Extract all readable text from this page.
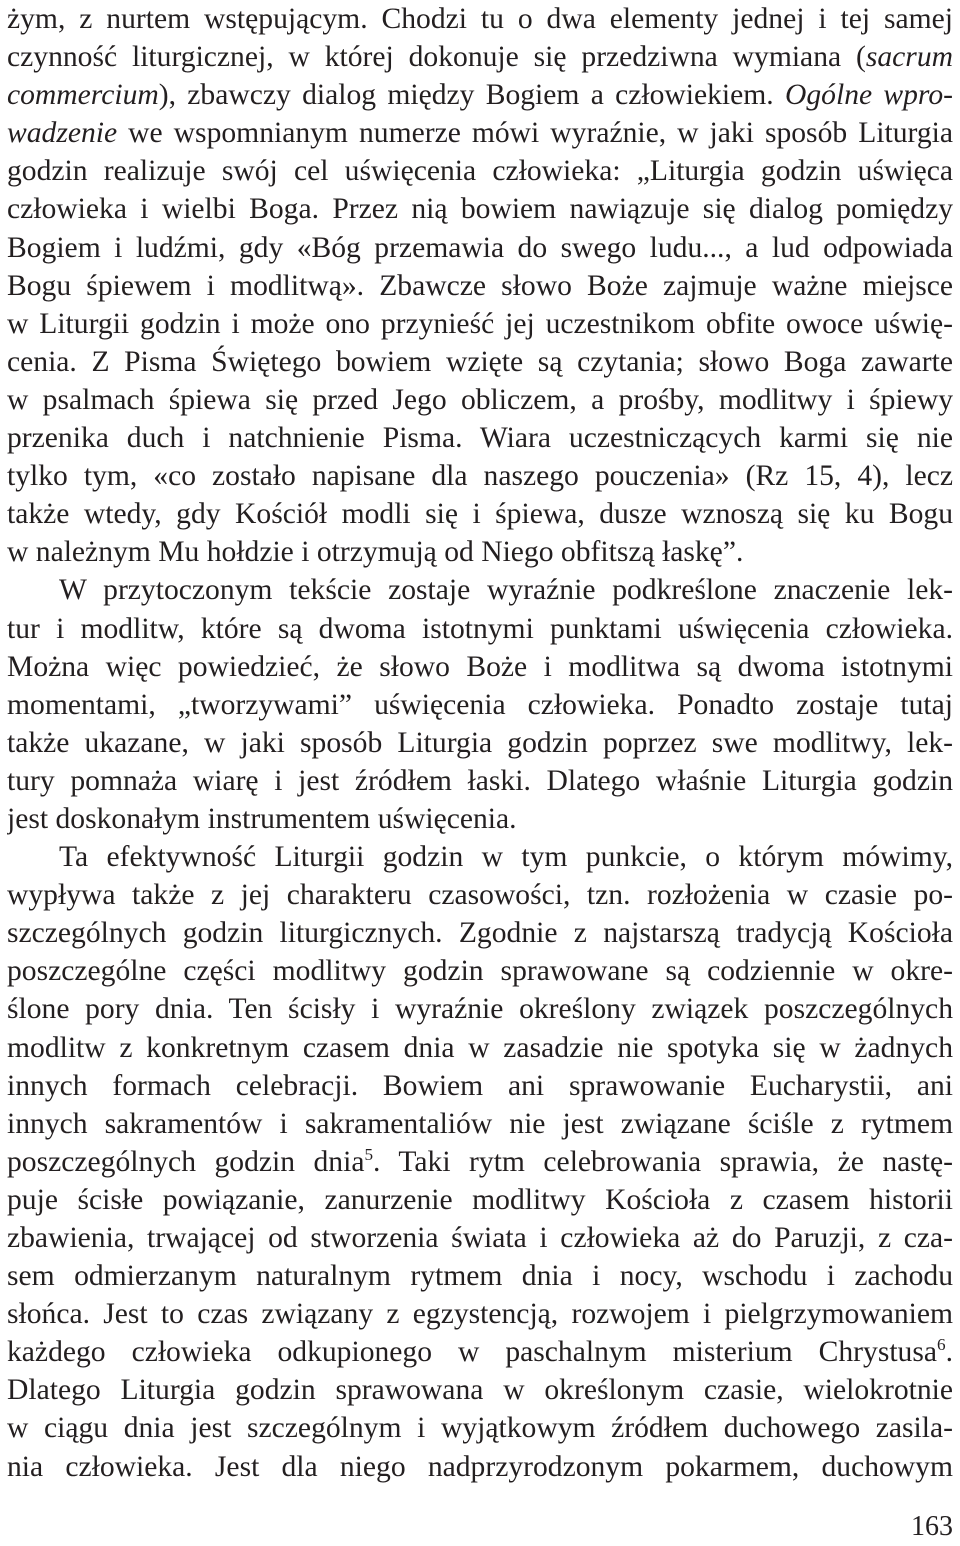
żym, z nurtem wstępującym. Chodzi tu o dwa elementy jednej i tej samej
czynność liturgicznej, w której dokonuje się przedziwna wymiana (sacrum
commercium), zbawczy dialog między Bogiem a człowiekiem. Ogólne wpro-
wadzenie we wspomnianym numerze mówi wyraźnie, w jaki sposób Liturgia
godzin realizuje swój cel uświęcenia człowieka: „Liturgia godzin uświęca
człowieka i wielbi Boga. Przez nią bowiem nawiązuje się dialog pomiędzy
Bogiem i ludźmi, gdy «Bóg przemawia do swego ludu..., a lud odpowiada
Bogu śpiewem i modlitwą». Zbawcze słowo Boże zajmuje ważne miejsce
w Liturgii godzin i może ono przynieść jej uczestnikom obfite owoce uświę-
cenia. Z Pisma Świętego bowiem wzięte są czytania; słowo Boga zawarte
w psalmach śpiewa się przed Jego obliczem, a prośby, modlitwy i śpiewy
przenika duch i natchnienie Pisma. Wiara uczestniczących karmi się nie
tylko tym, «co zostało napisane dla naszego pouczenia» (Rz 15, 4), lecz
także wtedy, gdy Kościół modli się i śpiewa, dusze wznoszą się ku Bogu
w należnym Mu hołdzie i otrzymują od Niego obfitszą łaskę”.
W przytoczonym tekście zostaje wyraźnie podkreślone znaczenie lek-
tur i modlitw, które są dwoma istotnymi punktami uświęcenia człowieka.
Można więc powiedzieć, że słowo Boże i modlitwa są dwoma istotnymi
momentami, „tworzywami” uświęcenia człowieka. Ponadto zostaje tutaj
także ukazane, w jaki sposób Liturgia godzin poprzez swe modlitwy, lek-
tury pomnaża wiarę i jest źródłem łaski. Dlatego właśnie Liturgia godzin
jest doskonałym instrumentem uświęcenia.
Ta efektywność Liturgii godzin w tym punkcie, o którym mówimy,
wypływa także z jej charakteru czasowości, tzn. rozłożenia w czasie po-
szczególnych godzin liturgicznych. Zgodnie z najstarszą tradycją Kościoła
poszczególne części modlitwy godzin sprawowane są codziennie w okre-
ślone pory dnia. Ten ścisły i wyraźnie określony związek poszczególnych
modlitw z konkretnym czasem dnia w zasadzie nie spotyka się w żadnych
innych formach celebracji. Bowiem ani sprawowanie Eucharystii, ani
innych sakramentów i sakramentaliów nie jest związane ściśle z rytmem
poszczególnych godzin dnia$^5$. Taki rytm celebrowania sprawia, że nastę-
puje ścisłe powiązanie, zanurzenie modlitwy Kościoła z czasem historii
zbawienia, trwającej od stworzenia świata i człowieka aż do Paruzji, z cza-
sem odmierzanym naturalnym rytmem dnia i nocy, wschodu i zachodu
słońca. Jest to czas związany z egzystencją, rozwojem i pielgrzymowaniem
każdego człowieka odkupionego w paschalnym misterium Chrystusa$^6$.
Dlatego Liturgia godzin sprawowana w określonym czasie, wielokrotnie
w ciągu dnia jest szczególnym i wyjątkowym źródłem duchowego zasila-
nia człowieka. Jest dla niego nadprzyrodzonym pokarmem, duchowym
163
